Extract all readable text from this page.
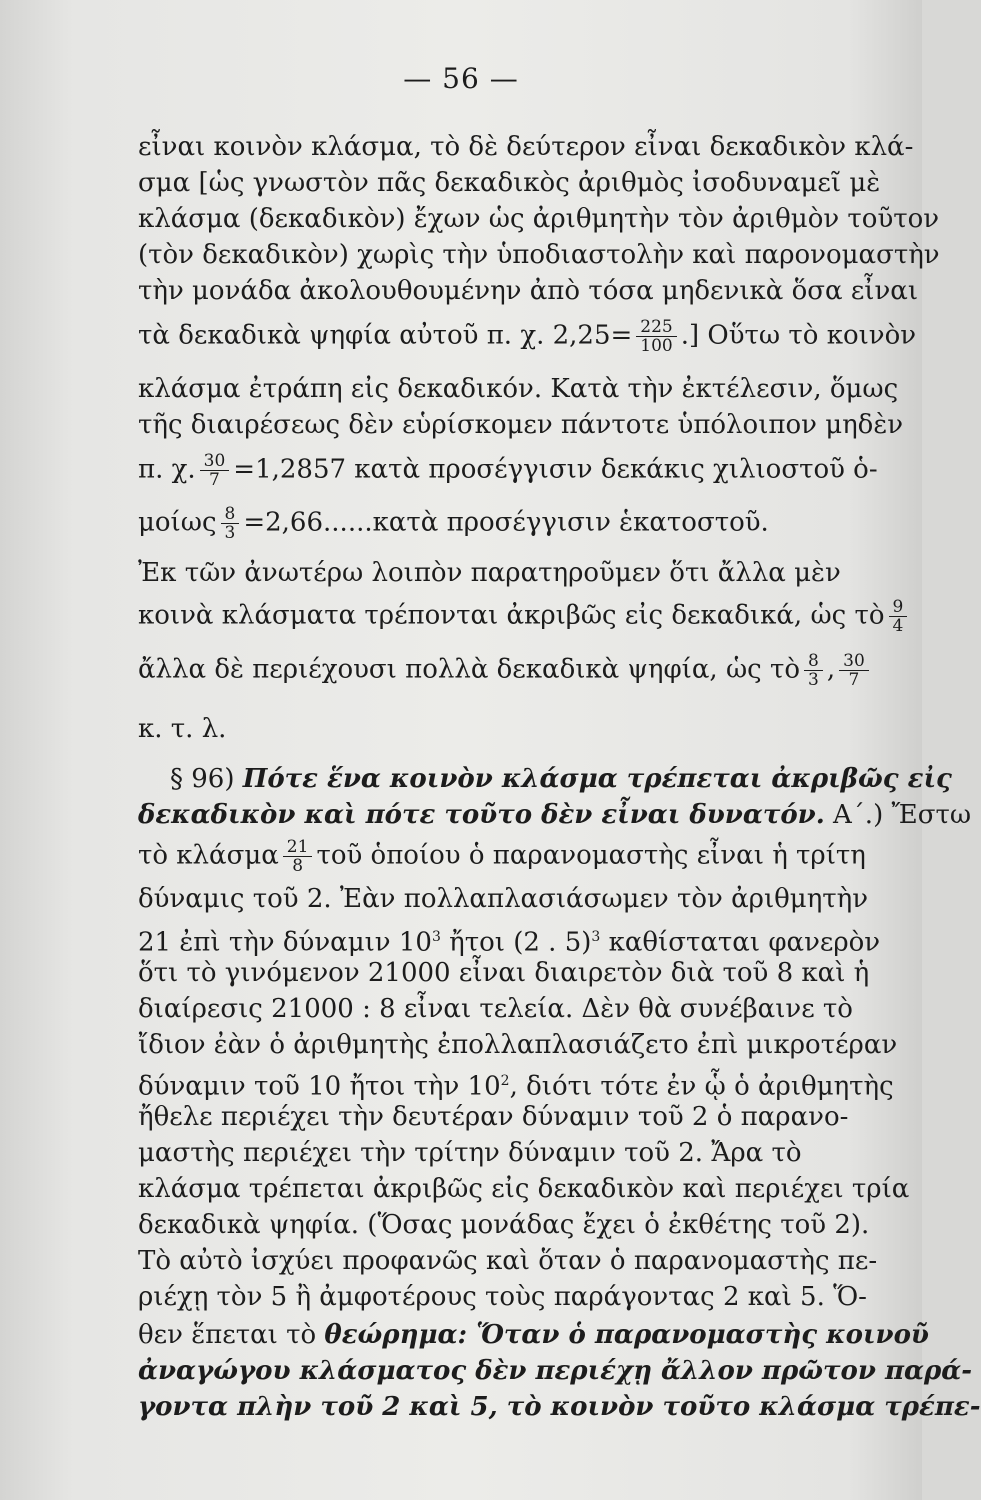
— 56 —
εἶναι κοινὸν κλάσμα, τὸ δὲ δεύτερον εἶναι δεκαδικὸν κλά-
σμα [ὡς γνωστὸν πᾶς δεκαδικὸς ἀριθμὸς ἰσοδυναμεῖ μὲ
κλάσμα (δεκαδικὸν) ἔχων ὡς ἀριθμητὴν τὸν ἀριθμὸν τοῦτον
(τὸν δεκαδικὸν) χωρὶς τὴν ὑποδιαστολὴν καὶ παρονομαστὴν
τὴν μονάδα ἀκολουθουμένην ἀπὸ τόσα μηδενικὰ ὅσα εἶναι
τὰ δεκαδικὰ ψηφία αὐτοῦ π. χ. $2,25= \frac{225}{100}$ .] Οὕτω τὸ κοινὸν
κλάσμα ἐτράπη εἰς δεκαδικόν. Κατὰ τὴν ἐκτέλεσιν, ὅμως
τῆς διαιρέσεως δὲν εὑρίσκομεν πάντοτε ὑπόλοιπον μηδὲν
π. χ. $\frac{30}{7} =1,2857$ κατὰ προσέγγισιν δεκάκις χιλιοστοῦ ὁ-
μοίως $\frac{8}{3}$ =2,66......κατὰ προσέγγισιν ἑκατοστοῦ.
Ἐκ τῶν ἀνωτέρω λοιπὸν παρατηροῦμεν ὅτι ἄλλα μὲν
κοινὰ κλάσματα τρέπονται ἀκριβῶς εἰς δεκαδικά, ὡς τὸ $\frac{9}{4}$
ἄλλα δὲ περιέχουσι πολλὰ δεκαδικὰ ψηφία, ὡς τὸ $\frac{8}{3}$ , $\frac{30}{7}$
κ. τ. λ.
§ 96) Πότε ἕνα κοινὸν κλάσμα τρέπεται ἀκριβῶς εἰς
δεκαδικὸν καὶ πότε τοῦτο δὲν εἶναι δυνατόν. Α΄.) Ἔστω
τὸ κλάσμα $\frac{21}{8}$ τοῦ ὁποίου ὁ παρανομαστὴς εἶναι ἡ τρίτη
δύναμις τοῦ 2. Ἐὰν πολλαπλασιάσωμεν τὸν ἀριθμητὴν
21 ἐπὶ τὴν δύναμιν $10^3$ ἤτοι (2 . 5)$^3$ καθίσταται φανερὸν
ὅτι τὸ γινόμενον 21000 εἶναι διαιρετὸν διὰ τοῦ 8 καὶ ἡ
διαίρεσις 21000 : 8 εἶναι τελεία. Δὲν θὰ συνέβαινε τὸ
ἴδιον ἐὰν ὁ ἀριθμητὴς ἐπολλαπλασιάζετο ἐπὶ μικροτέραν
δύναμιν τοῦ 10 ἤτοι τὴν $10^2$, διότι τότε ἐν ᾧ ὁ ἀριθμητὴς
ἤθελε περιέχει τὴν δευτέραν δύναμιν τοῦ 2 ὁ παρανο-
μαστὴς περιέχει τὴν τρίτην δύναμιν τοῦ 2. Ἄρα τὸ
κλάσμα τρέπεται ἀκριβῶς εἰς δεκαδικὸν καὶ περιέχει τρία
δεκαδικὰ ψηφία. (Ὅσας μονάδας ἔχει ὁ ἐκθέτης τοῦ 2).
Τὸ αὐτὸ ἰσχύει προφανῶς καὶ ὅταν ὁ παρανομαστὴς πε-
ριέχῃ τὸν 5 ἢ ἀμφοτέρους τοὺς παράγοντας 2 καὶ 5. Ὅ-
θεν ἕπεται τὸ θεώρημα: Ὅταν ὁ παρανομαστὴς κοινοῦ
ἀναγώγου κλάσματος δὲν περιέχῃ ἄλλον πρῶτον παρά-
γοντα πλὴν τοῦ 2 καὶ 5, τὸ κοινὸν τοῦτο κλάσμα τρέπε-
